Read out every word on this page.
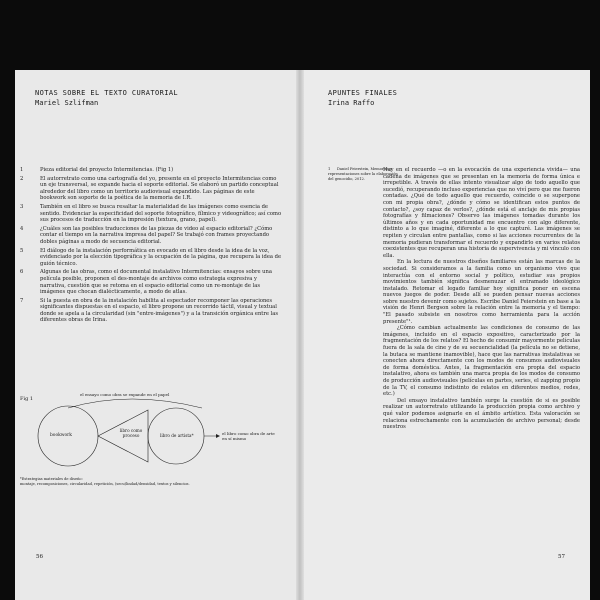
NOTAS SOBRE EL TEXTO CURATORIAL
Mariel Szlifman
1	Pieza editorial del proyecto Intermitencias. (Fig 1)
2	El autorretrato como una cartografía del yo, presente en el proyecto Intermitencias como un eje transversal, se expande hacia el soporte editorial. Se elaboró un partido conceptual alrededor del libro como un territorio audiovisual expandido. Las páginas de este bookwork son soporte de la poética de la memoria de I.R.
3	También en el libro se busca resaltar la materialidad de las imágenes como esencia de sentido. Evidenciar la especificidad del soporte fotográfico, fílmico y videográfico; así como sus procesos de traducción en la impresión (textura, grano, papel).
4	¿Cuáles son las posibles traducciones de las piezas de video al espacio editorial? ¿Cómo contar el tiempo en la narrativa impresa del papel? Se trabajó con frames proyectando dobles páginas a modo de secuencia editorial.
5	El diálogo de la instalación performática en evocado en el libro desde la idea de la voz, evidenciado por la elección tipográfica y la ocupación de la página, que recupera la idea de guión técnico.
6	Algunas de las obras, como el documental instalativo Intermitencias: ensayos sobre una película posible, proponen el des-montaje de archivos como estrategia expresiva y narrativa, cuestión que se retoma en el espacio editorial como un re-montaje de las imágenes que chocan dialécticamente, a modo de atlas.
7	Si la puesta en obra de la instalación habilita al espectador recomponer las operaciones significantes dispuestas en el espacio, el libro propone un recorrido táctil, visual y textual donde se apela a la circularidad (sin "entre-imágenes") y a la transición orgánica entre las diferentes obras de Irina.
Fig 1
el ensayo como obra se expande en el papel
bookwork
libro como proceso	libro de artista*	el libro como obra de arte en sí mismo
*Estrategias materiales de diseño:
montaje, recomposiciones, circularidad, repetición, (secu)lindad/densidad, textos y silencios.
56
APUNTES FINALES
Irina Raffo
1 Daniel Feierstein, Memorias y representaciones sobre la elaboración del genocidio, 2012.

Hay en el recuerdo —o en la evocación de una experiencia vivida— una cadena de imágenes que se presentan en la memoria de forma única e irrepetible. A través de ellas intento visualizar algo de todo aquello que sucedió, recuperando incluso experiencias que no viví pero que me fueron contadas. ¿Qué de todo aquello que recuerdo, coincide o se superpone con mi propia obra?, ¿dónde y cómo se identifican estos puntos de contacto?, ¿soy capaz de verlos?, ¿dónde está el anclaje de mis propias fotografías y filmaciones? Observo las imágenes tomadas durante los últimos años y en cada oportunidad me encuentro con algo diferente, distinto a lo que imaginé, diferente a lo que capturé. Las imágenes se repiten y circulan entre pantallas, como si las acciones recurrentes de la memoria pudieran transformar el recuerdo y expandirlo en varios relatos coexistentes que recuperan una historia de supervivencia y mi vínculo con ella.

En la lectura de nuestros diseños familiares están las marcas de la sociedad. Si consideramos a la familia como un organismo vivo que interactúa con el entorno social y político, estudiar sus propios movimientos también significa desmenuzar el entramado ideológico instalado. Retomar el legado familiar hoy significa poner en escena nuevos juegos de poder. Desde allí se pueden pensar nuevas acciones sobre nuestro devenir como sujetos. Escribe Daniel Feierstein en base a la visión de Henri Bergson sobre la relación entre la memoria y el tiempo: "El pasado subsiste en nosotros como herramienta para la acción presente"¹.

¿Cómo cambian actualmente las condiciones de consumo de las imágenes, incluido en el espacio expositivo, caracterizado por la fragmentación de los relatos? El hecho de consumir mayormente películas fuera de la sala de cine y de su secuencialidad (la película no se detiene, la butaca se mantiene inamovible), hace que las narrativas instalativas se conecten ahora directamente con los modos de consumos audiovisuales de forma doméstica. Antes, la fragmentación era propia del espacio instalativo, ahora es también una marca propia de los modos de consumo de producción audiovisuales (películas en partes, series, el zapping propio de la TV, el consumo indistinto de relatos en diferentes medios, redes, etc.)

Del ensayo instalativo también surge la cuestión de si es posible realizar un autorretrato utilizando la producción propia como archivo y qué valor podemos asignarle en el ámbito artístico. Esta valoración se relaciona estrechamente con la acumulación de archivo personal; desde nuestros

57
